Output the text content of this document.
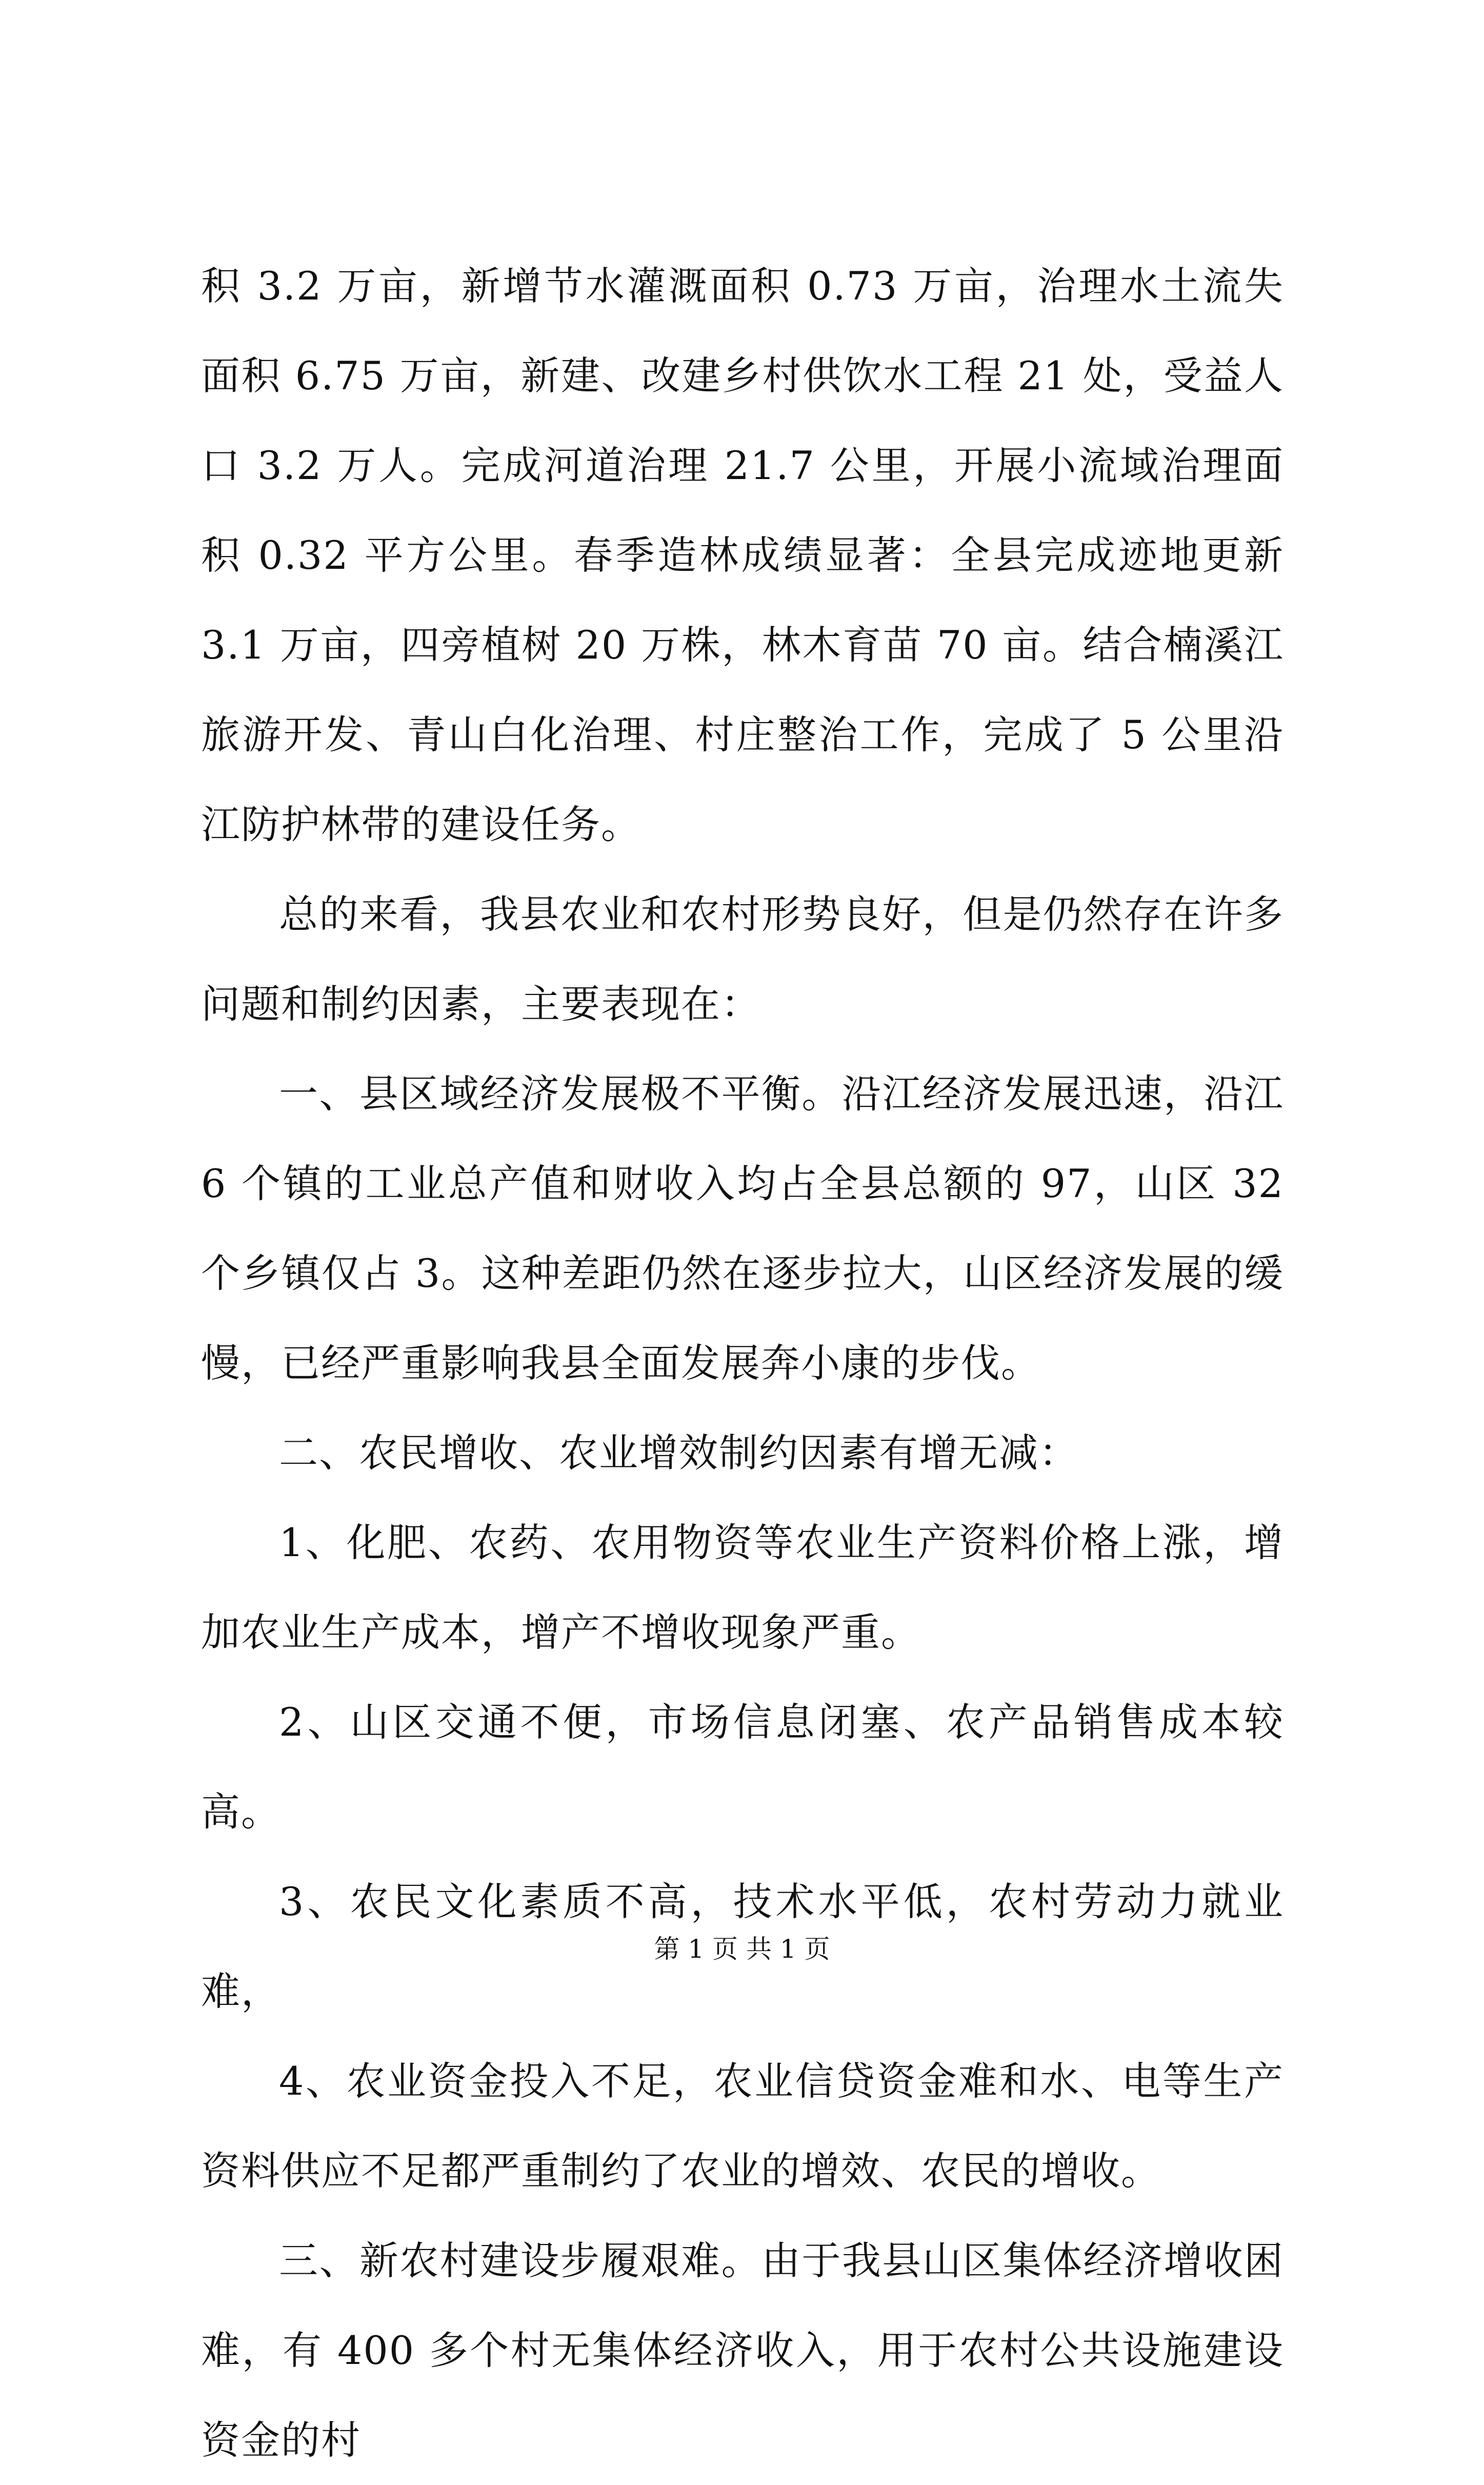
积 3.2 万亩，新增节水灌溉面积 0.73 万亩，治理水土流失面积 6.75 万亩，新建、改建乡村供饮水工程 21 处，受益人口 3.2 万人。完成河道治理 21.7 公里，开展小流域治理面积 0.32 平方公里。春季造林成绩显著：全县完成迹地更新 3.1 万亩，四旁植树 20 万株，林木育苗 70 亩。结合楠溪江旅游开发、青山白化治理、村庄整治工作，完成了 5 公里沿江防护林带的建设任务。

总的来看，我县农业和农村形势良好，但是仍然存在许多问题和制约因素，主要表现在：

一、县区域经济发展极不平衡。沿江经济发展迅速，沿江 6 个镇的工业总产值和财收入均占全县总额的 97，山区 32 个乡镇仅占 3。这种差距仍然在逐步拉大，山区经济发展的缓慢，已经严重影响我县全面发展奔小康的步伐。

二、农民增收、农业增效制约因素有增无减：

1、化肥、农药、农用物资等农业生产资料价格上涨，增加农业生产成本，增产不增收现象严重。

2、山区交通不便，市场信息闭塞、农产品销售成本较高。

3、农民文化素质不高，技术水平低，农村劳动力就业难，

4、农业资金投入不足，农业信贷资金难和水、电等生产资料供应不足都严重制约了农业的增效、农民的增收。

三、新农村建设步履艰难。由于我县山区集体经济增收困难，有 400 多个村无集体经济收入，用于农村公共设施建设资金的村

第 1 页 共 1 页
